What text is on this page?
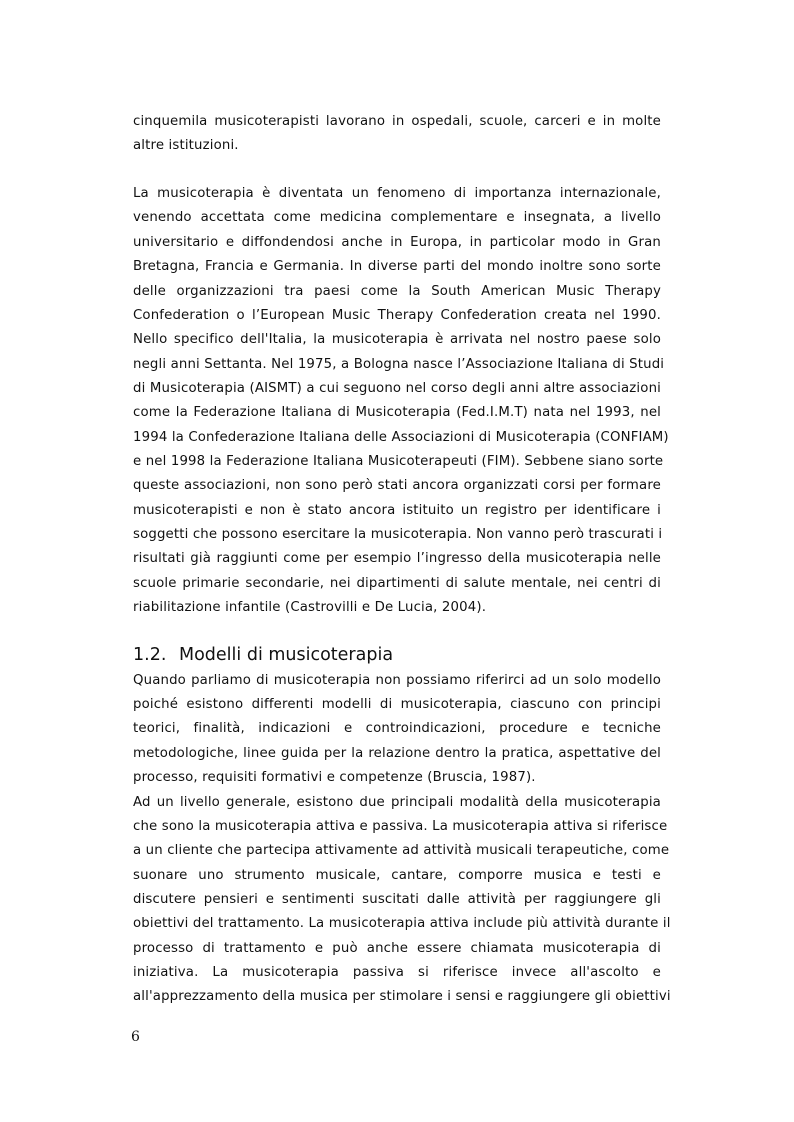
cinquemila musicoterapisti lavorano in ospedali, scuole, carceri e in molte
altre istituzioni.
La musicoterapia è diventata un fenomeno di importanza internazionale,
venendo accettata come medicina complementare e insegnata, a livello
universitario e diffondendosi anche in Europa, in particolar modo in Gran
Bretagna, Francia e Germania. In diverse parti del mondo inoltre sono sorte
delle organizzazioni tra paesi come la South American Music Therapy
Confederation o l’European Music Therapy Confederation creata nel 1990.
Nello specifico dell'Italia, la musicoterapia è arrivata nel nostro paese solo
negli anni Settanta. Nel 1975, a Bologna nasce l’Associazione Italiana di Studi
di Musicoterapia (AISMT) a cui seguono nel corso degli anni altre associazioni
come la Federazione Italiana di Musicoterapia (Fed.I.M.T) nata nel 1993, nel
1994 la Confederazione Italiana delle Associazioni di Musicoterapia (CONFIAM)
e nel 1998 la Federazione Italiana Musicoterapeuti (FIM). Sebbene siano sorte
queste associazioni, non sono però stati ancora organizzati corsi per formare
musicoterapisti e non è stato ancora istituito un registro per identificare i
soggetti che possono esercitare la musicoterapia. Non vanno però trascurati i
risultati già raggiunti come per esempio l’ingresso della musicoterapia nelle
scuole primarie secondarie, nei dipartimenti di salute mentale, nei centri di
riabilitazione infantile (Castrovilli e De Lucia, 2004).
1.2. Modelli di musicoterapia
Quando parliamo di musicoterapia non possiamo riferirci ad un solo modello
poiché esistono differenti modelli di musicoterapia, ciascuno con principi
teorici, finalità, indicazioni e controindicazioni, procedure e tecniche
metodologiche, linee guida per la relazione dentro la pratica, aspettative del
processo, requisiti formativi e competenze (Bruscia, 1987).
Ad un livello generale, esistono due principali modalità della musicoterapia
che sono la musicoterapia attiva e passiva. La musicoterapia attiva si riferisce
a un cliente che partecipa attivamente ad attività musicali terapeutiche, come
suonare uno strumento musicale, cantare, comporre musica e testi e
discutere pensieri e sentimenti suscitati dalle attività per raggiungere gli
obiettivi del trattamento. La musicoterapia attiva include più attività durante il
processo di trattamento e può anche essere chiamata musicoterapia di
iniziativa. La musicoterapia passiva si riferisce invece all'ascolto e
all'apprezzamento della musica per stimolare i sensi e raggiungere gli obiettivi
6
